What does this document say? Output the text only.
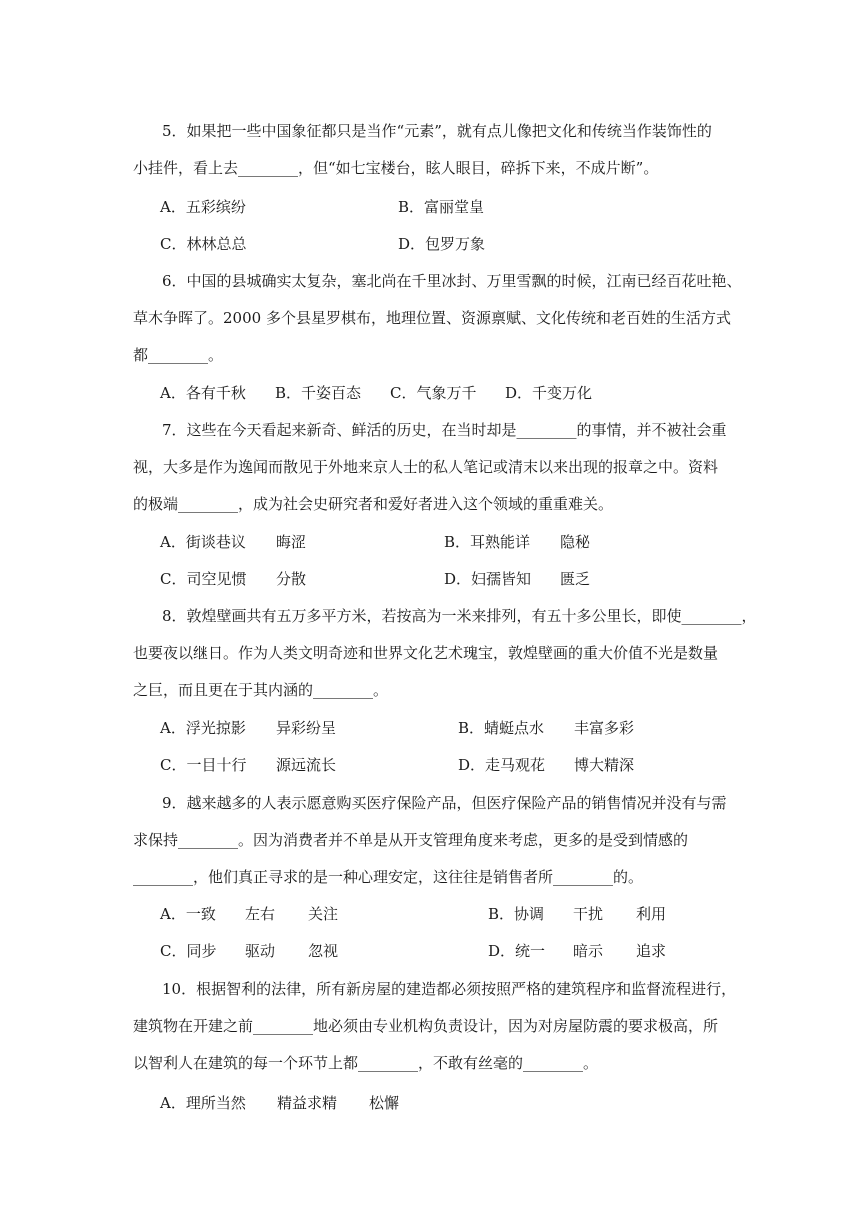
5．如果把一些中国象征都只是当作“元素”，就有点儿像把文化和传统当作装饰性的

小挂件，看上去________，但“如七宝楼台，眩人眼目，碎拆下来，不成片断”。

A．五彩缤纷	B．富丽堂皇
C．林林总总	D．包罗万象

6．中国的县城确实太复杂，塞北尚在千里冰封、万里雪飘的时候，江南已经百花吐艳、

草木争晖了。2000 多个县星罗棋布，地理位置、资源禀赋、文化传统和老百姓的生活方式

都________。

A．各有千秋 B．千姿百态 C．气象万千 D．千变万化

7．这些在今天看起来新奇、鲜活的历史，在当时却是________的事情，并不被社会重

视，大多是作为逸闻而散见于外地来京人士的私人笔记或清末以来出现的报章之中。资料

的极端________，成为社会史研究者和爱好者进入这个领域的重重难关。

A．街谈巷议 晦涩	B．耳熟能详 隐秘
C．司空见惯 分散	D．妇孺皆知 匮乏

8．敦煌壁画共有五万多平方米，若按高为一米来排列，有五十多公里长，即使________，

也要夜以继日。作为人类文明奇迹和世界文化艺术瑰宝，敦煌壁画的重大价值不光是数量

之巨，而且更在于其内涵的________。

A．浮光掠影 异彩纷呈	B．蜻蜓点水 丰富多彩
C．一目十行 源远流长	D．走马观花 博大精深

9．越来越多的人表示愿意购买医疗保险产品，但医疗保险产品的销售情况并没有与需

求保持________。因为消费者并不单是从开支管理角度来考虑，更多的是受到情感的

________，他们真正寻求的是一种心理安定，这往往是销售者所________的。

A．一致 左右 关注	B．协调 干扰 利用
C．同步 驱动 忽视	D．统一 暗示 追求

10．根据智利的法律，所有新房屋的建造都必须按照严格的建筑程序和监督流程进行，

建筑物在开建之前________地必须由专业机构负责设计，因为对房屋防震的要求极高，所

以智利人在建筑的每一个环节上都________，不敢有丝毫的________。

A．理所当然 精益求精 松懈
